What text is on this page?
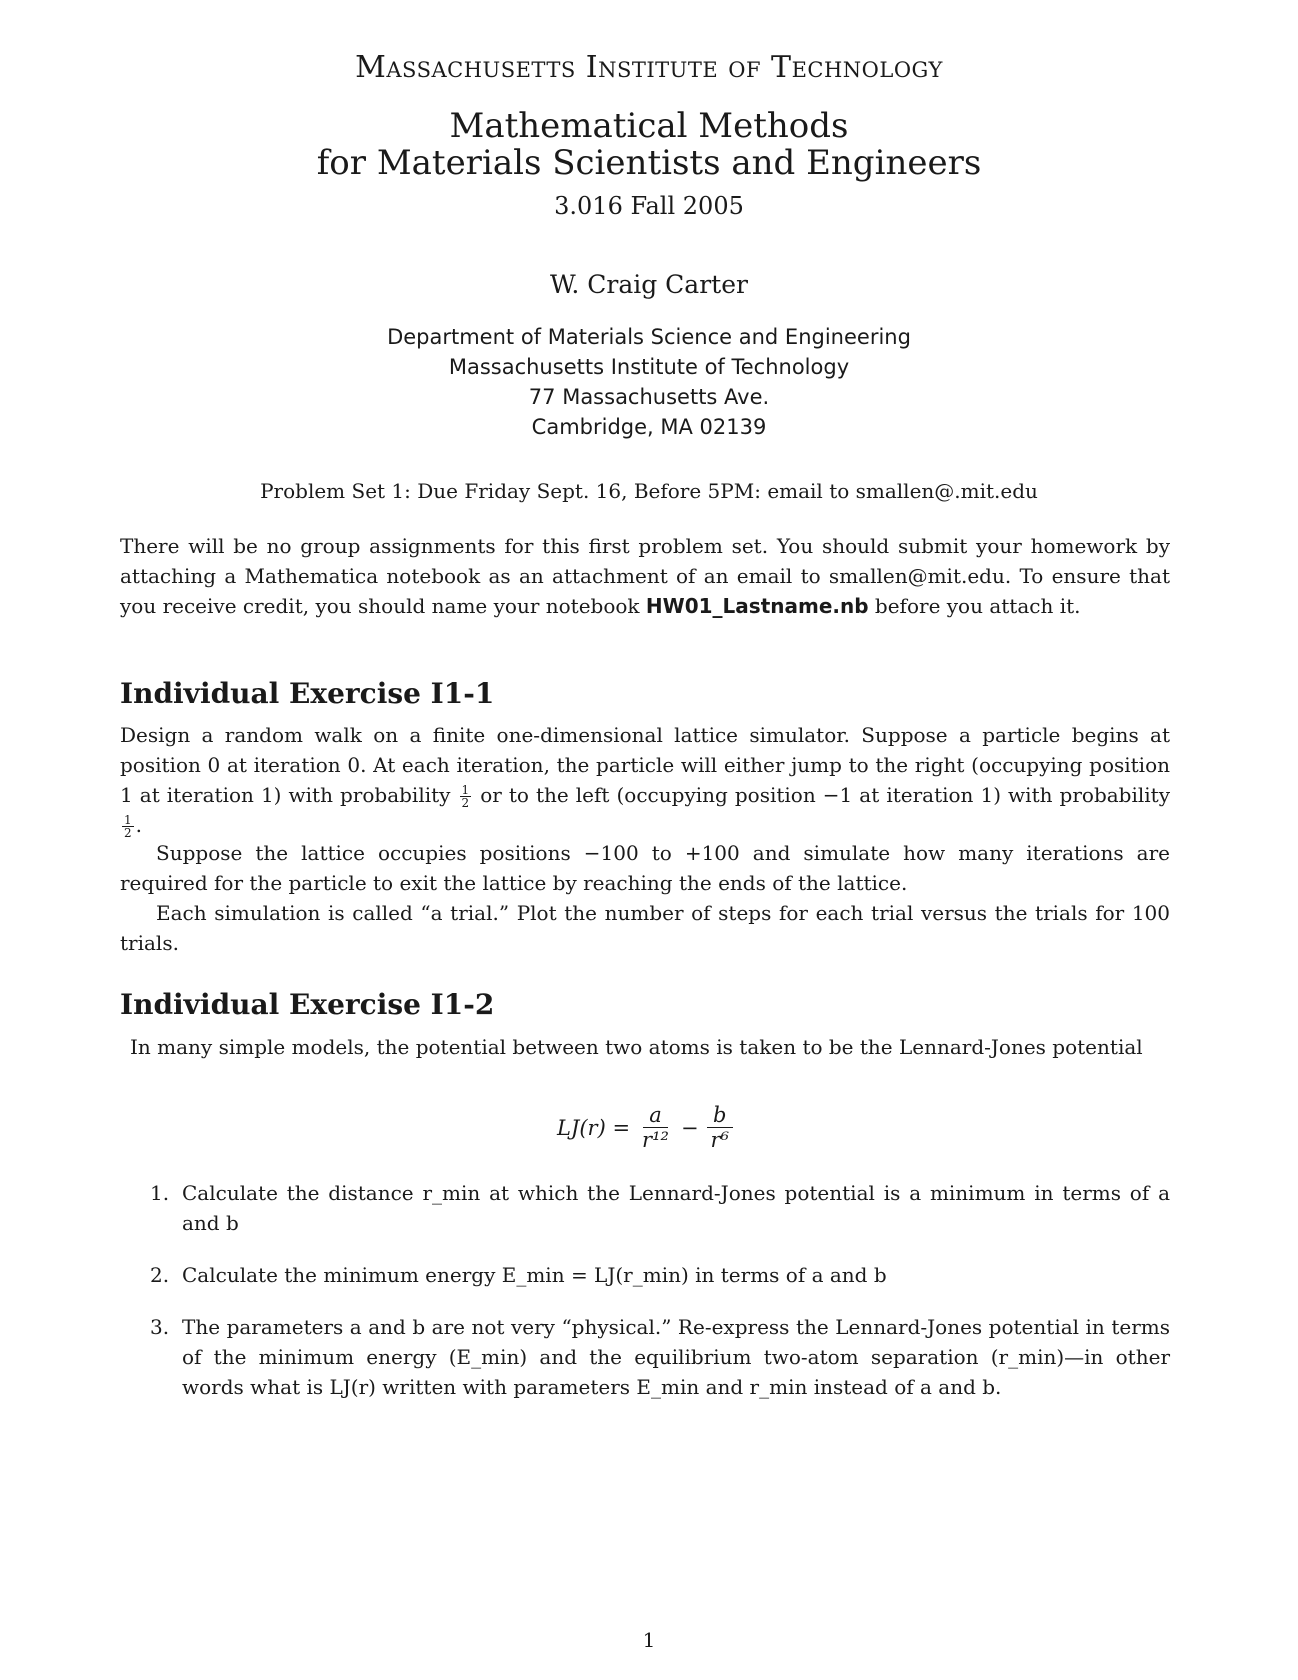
Massachusetts Institute of Technology
Mathematical Methods
for Materials Scientists and Engineers
3.016 Fall 2005
W. Craig Carter
Department of Materials Science and Engineering
Massachusetts Institute of Technology
77 Massachusetts Ave.
Cambridge, MA 02139
Problem Set 1: Due Friday Sept. 16, Before 5PM: email to smallen@.mit.edu

There will be no group assignments for this first problem set. You should submit your homework by attaching a Mathematica notebook as an attachment of an email to smallen@mit.edu. To ensure that you receive credit, you should name your notebook HW01_Lastname.nb before you attach it.

Individual Exercise I1-1

Design a random walk on a finite one-dimensional lattice simulator. Suppose a particle begins at position 0 at iteration 0. At each iteration, the particle will either jump to the right (occupying position 1 at iteration 1) with probability $\frac{1}{2}$ or to the left (occupying position −1 at iteration 1) with probability
$\frac{1}{2}$ .

Suppose the lattice occupies positions −100 to +100 and simulate how many iterations are required for the particle to exit the lattice by reaching the ends of the lattice.

Each simulation is called “a trial.” Plot the number of steps for each trial versus the trials for 100 trials.

Individual Exercise I1-2

In many simple models, the potential between two atoms is taken to be the Lennard-Jones potential

$LJ(r) = \frac{a}{\text{r¹²}} - \frac{b}{\text{r⁶}}$
1. Calculate the distance r_min at which the Lennard-Jones potential is a minimum in terms of a and b
2. Calculate the minimum energy E_min = LJ(r_min) in terms of a and b
3. The parameters a and b are not very “physical.” Re-express the Lennard-Jones potential in terms of the minimum energy (E_min) and the equilibrium two-atom separation (r_min)—in other words what is LJ(r) written with parameters E_min and r_min instead of a and b.
1
